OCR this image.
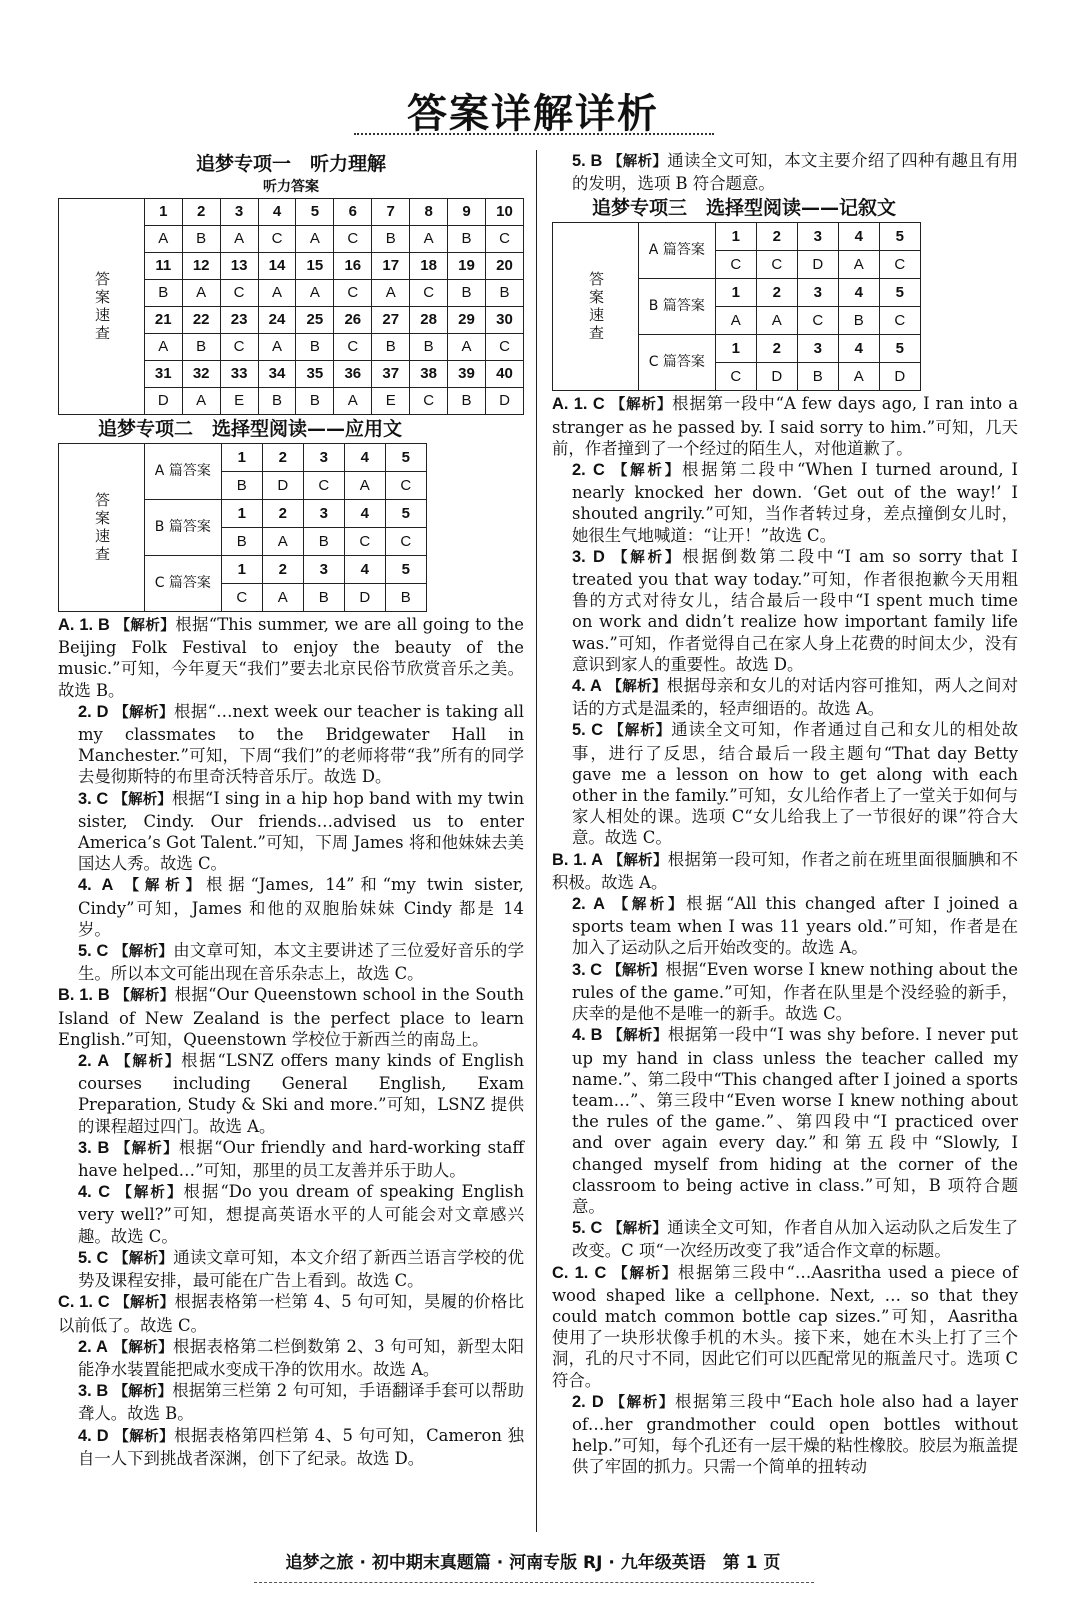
答案详解详析
追梦专项一　听力理解
听力答案
答案速查	1	2	3	4	5	6	7	8	9	10
	A	B	A	C	A	C	B	A	B	C
	11	12	13	14	15	16	17	18	19	20
	B	A	C	A	A	C	A	C	B	B
	21	22	23	24	25	26	27	28	29	30
	A	B	C	A	B	C	B	B	A	C
	31	32	33	34	35	36	37	38	39	40
	D	A	E	B	B	A	E	C	B	D
追梦专项二　选择型阅读——应用文
答案速查	A 篇答案	1	2	3	4	5
		B	D	C	A	C
	B 篇答案	1	2	3	4	5
		B	A	B	C	C
	C 篇答案	1	2	3	4	5
		C	A	B	D	B

A. 1. B 【解析】根据“This summer, we are all going to the Beijing Folk Festival to enjoy the beauty of the music.”可知，今年夏天“我们”要去北京民俗节欣赏音乐之美。故选 B。

2. D 【解析】根据“…next week our teacher is taking all my classmates to the Bridgewater Hall in Manchester.”可知，下周“我们”的老师将带“我”所有的同学去曼彻斯特的布里奇沃特音乐厅。故选 D。

3. C 【解析】根据“I sing in a hip hop band with my twin sister, Cindy. Our friends…advised us to enter America’s Got Talent.”可知，下周 James 将和他妹妹去美国达人秀。故选 C。

4. A 【解析】根据“James, 14”和“my twin sister, Cindy”可知，James 和他的双胞胎妹妹 Cindy 都是 14 岁。

5. C 【解析】由文章可知，本文主要讲述了三位爱好音乐的学生。所以本文可能出现在音乐杂志上，故选 C。

B. 1. B 【解析】根据“Our Queenstown school in the South Island of New Zealand is the perfect place to learn English.”可知，Queenstown 学校位于新西兰的南岛上。

2. A 【解析】根据“LSNZ offers many kinds of English courses including General English, Exam Preparation, Study & Ski and more.”可知，LSNZ 提供的课程超过四门。故选 A。

3. B 【解析】根据“Our friendly and hard-working staff have helped…”可知，那里的员工友善并乐于助人。

4. C 【解析】根据“Do you dream of speaking English very well?”可知，想提高英语水平的人可能会对文章感兴趣。故选 C。

5. C 【解析】通读文章可知，本文介绍了新西兰语言学校的优势及课程安排，最可能在广告上看到。故选 C。

C. 1. C 【解析】根据表格第一栏第 4、5 句可知，昊履的价格比以前低了。故选 C。

2. A 【解析】根据表格第二栏倒数第 2、3 句可知，新型太阳能净水装置能把咸水变成干净的饮用水。故选 A。

3. B 【解析】根据第三栏第 2 句可知，手语翻译手套可以帮助聋人。故选 B。

4. D 【解析】根据表格第四栏第 4、5 句可知，Cameron 独自一人下到挑战者深渊，创下了纪录。故选 D。

5. B 【解析】通读全文可知，本文主要介绍了四种有趣且有用的发明，选项 B 符合题意。

追梦专项三　选择型阅读——记叙文
答案速查	A 篇答案	1	2	3	4	5
		C	C	D	A	C
	B 篇答案	1	2	3	4	5
		A	A	C	B	C
	C 篇答案	1	2	3	4	5
		C	D	B	A	D

A. 1. C 【解析】根据第一段中“A few days ago, I ran into a stranger as he passed by. I said sorry to him.”可知，几天前，作者撞到了一个经过的陌生人，对他道歉了。

2. C 【解析】根据第二段中“When I turned around, I nearly knocked her down. ‘Get out of the way!’ I shouted angrily.”可知，当作者转过身，差点撞倒女儿时，她很生气地喊道：“让开！”故选 C。

3. D 【解析】根据倒数第二段中“I am so sorry that I treated you that way today.”可知，作者很抱歉今天用粗鲁的方式对待女儿，结合最后一段中“I spent much time on work and didn’t realize how important family life was.”可知，作者觉得自己在家人身上花费的时间太少，没有意识到家人的重要性。故选 D。

4. A 【解析】根据母亲和女儿的对话内容可推知，两人之间对话的方式是温柔的，轻声细语的。故选 A。

5. C 【解析】通读全文可知，作者通过自己和女儿的相处故事，进行了反思，结合最后一段主题句“That day Betty gave me a lesson on how to get along with each other in the family.”可知，女儿给作者上了一堂关于如何与家人相处的课。选项 C“女儿给我上了一节很好的课”符合大意。故选 C。

B. 1. A 【解析】根据第一段可知，作者之前在班里面很腼腆和不积极。故选 A。

2. A 【解析】根据“All this changed after I joined a sports team when I was 11 years old.”可知，作者是在加入了运动队之后开始改变的。故选 A。

3. C 【解析】根据“Even worse I knew nothing about the rules of the game.”可知，作者在队里是个没经验的新手，庆幸的是他不是唯一的新手。故选 C。

4. B 【解析】根据第一段中“I was shy before. I never put up my hand in class unless the teacher called my name.”、第二段中“This changed after I joined a sports team…”、第三段中“Even worse I knew nothing about the rules of the game.”、第四段中“I practiced over and over again every day.”和第五段中“Slowly, I changed myself from hiding at the corner of the classroom to being active in class.”可知，B 项符合题意。

5. C 【解析】通读全文可知，作者自从加入运动队之后发生了改变。C 项“一次经历改变了我”适合作文章的标题。

C. 1. C 【解析】根据第三段中“…Aasritha used a piece of wood shaped like a cellphone. Next, … so that they could match common bottle cap sizes.”可知，Aasritha 使用了一块形状像手机的木头。接下来，她在木头上打了三个洞，孔的尺寸不同，因此它们可以匹配常见的瓶盖尺寸。选项 C 符合。

2. D 【解析】根据第三段中“Each hole also had a layer of…her grandmother could open bottles without help.”可知，每个孔还有一层干燥的粘性橡胶。胶层为瓶盖提供了牢固的抓力。只需一个简单的扭转动

追梦之旅 · 初中期末真题篇 · 河南专版 RJ · 九年级英语　第 1 页
